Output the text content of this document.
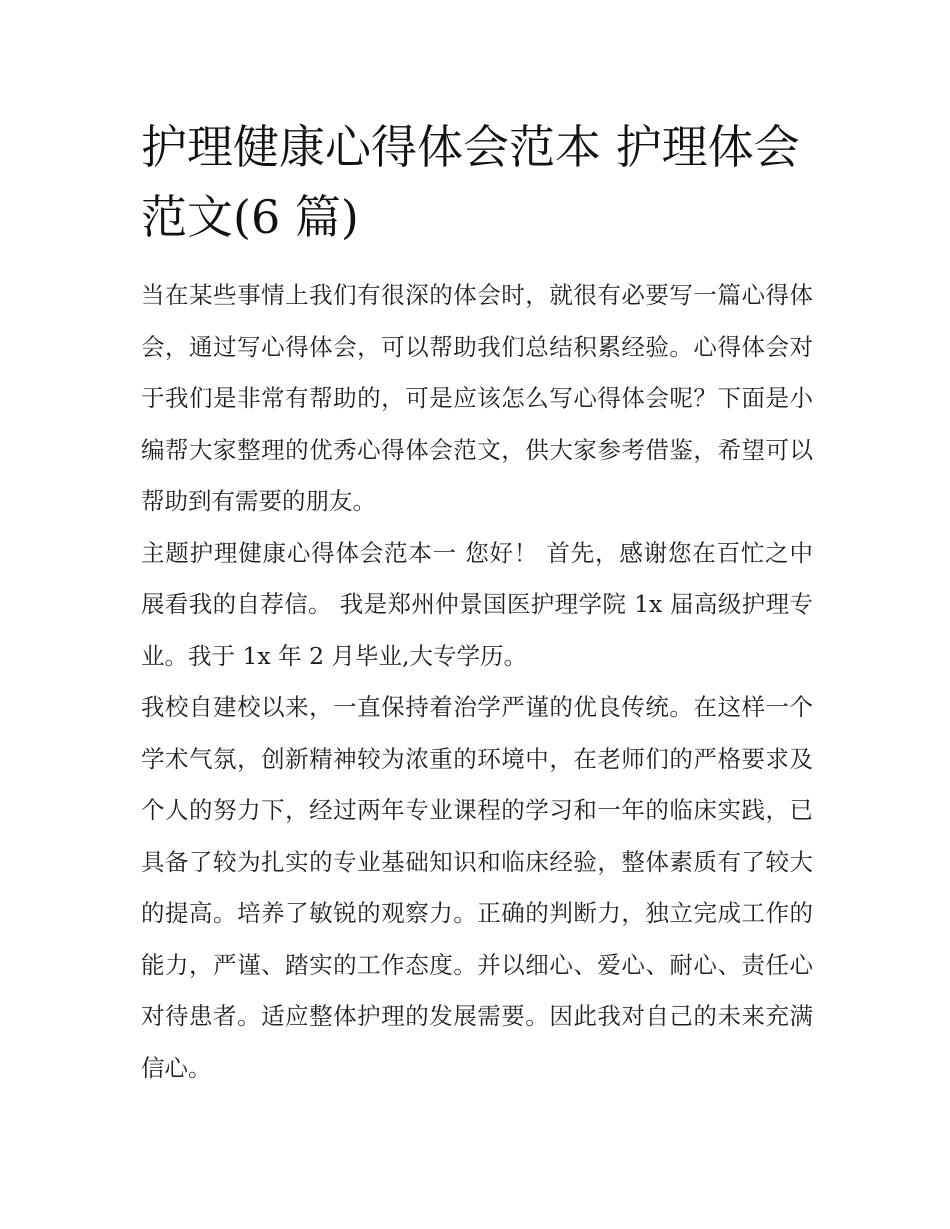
护理健康心得体会范本 护理体会范文(6 篇)

当在某些事情上我们有很深的体会时，就很有必要写一篇心得体会，通过写心得体会，可以帮助我们总结积累经验。心得体会对于我们是非常有帮助的，可是应该怎么写心得体会呢？下面是小编帮大家整理的优秀心得体会范文，供大家参考借鉴，希望可以帮助到有需要的朋友。

主题护理健康心得体会范本一 您好！ 首先，感谢您在百忙之中展看我的自荐信。 我是郑州仲景国医护理学院 1x 届高级护理专业。我于 1x 年 2 月毕业,大专学历。

我校自建校以来，一直保持着治学严谨的优良传统。在这样一个学术气氛，创新精神较为浓重的环境中，在老师们的严格要求及个人的努力下，经过两年专业课程的学习和一年的临床实践，已具备了较为扎实的专业基础知识和临床经验，整体素质有了较大的提高。培养了敏锐的观察力。正确的判断力，独立完成工作的能力，严谨、踏实的工作态度。并以细心、爱心、耐心、责任心对待患者。适应整体护理的发展需要。因此我对自己的未来充满信心。
